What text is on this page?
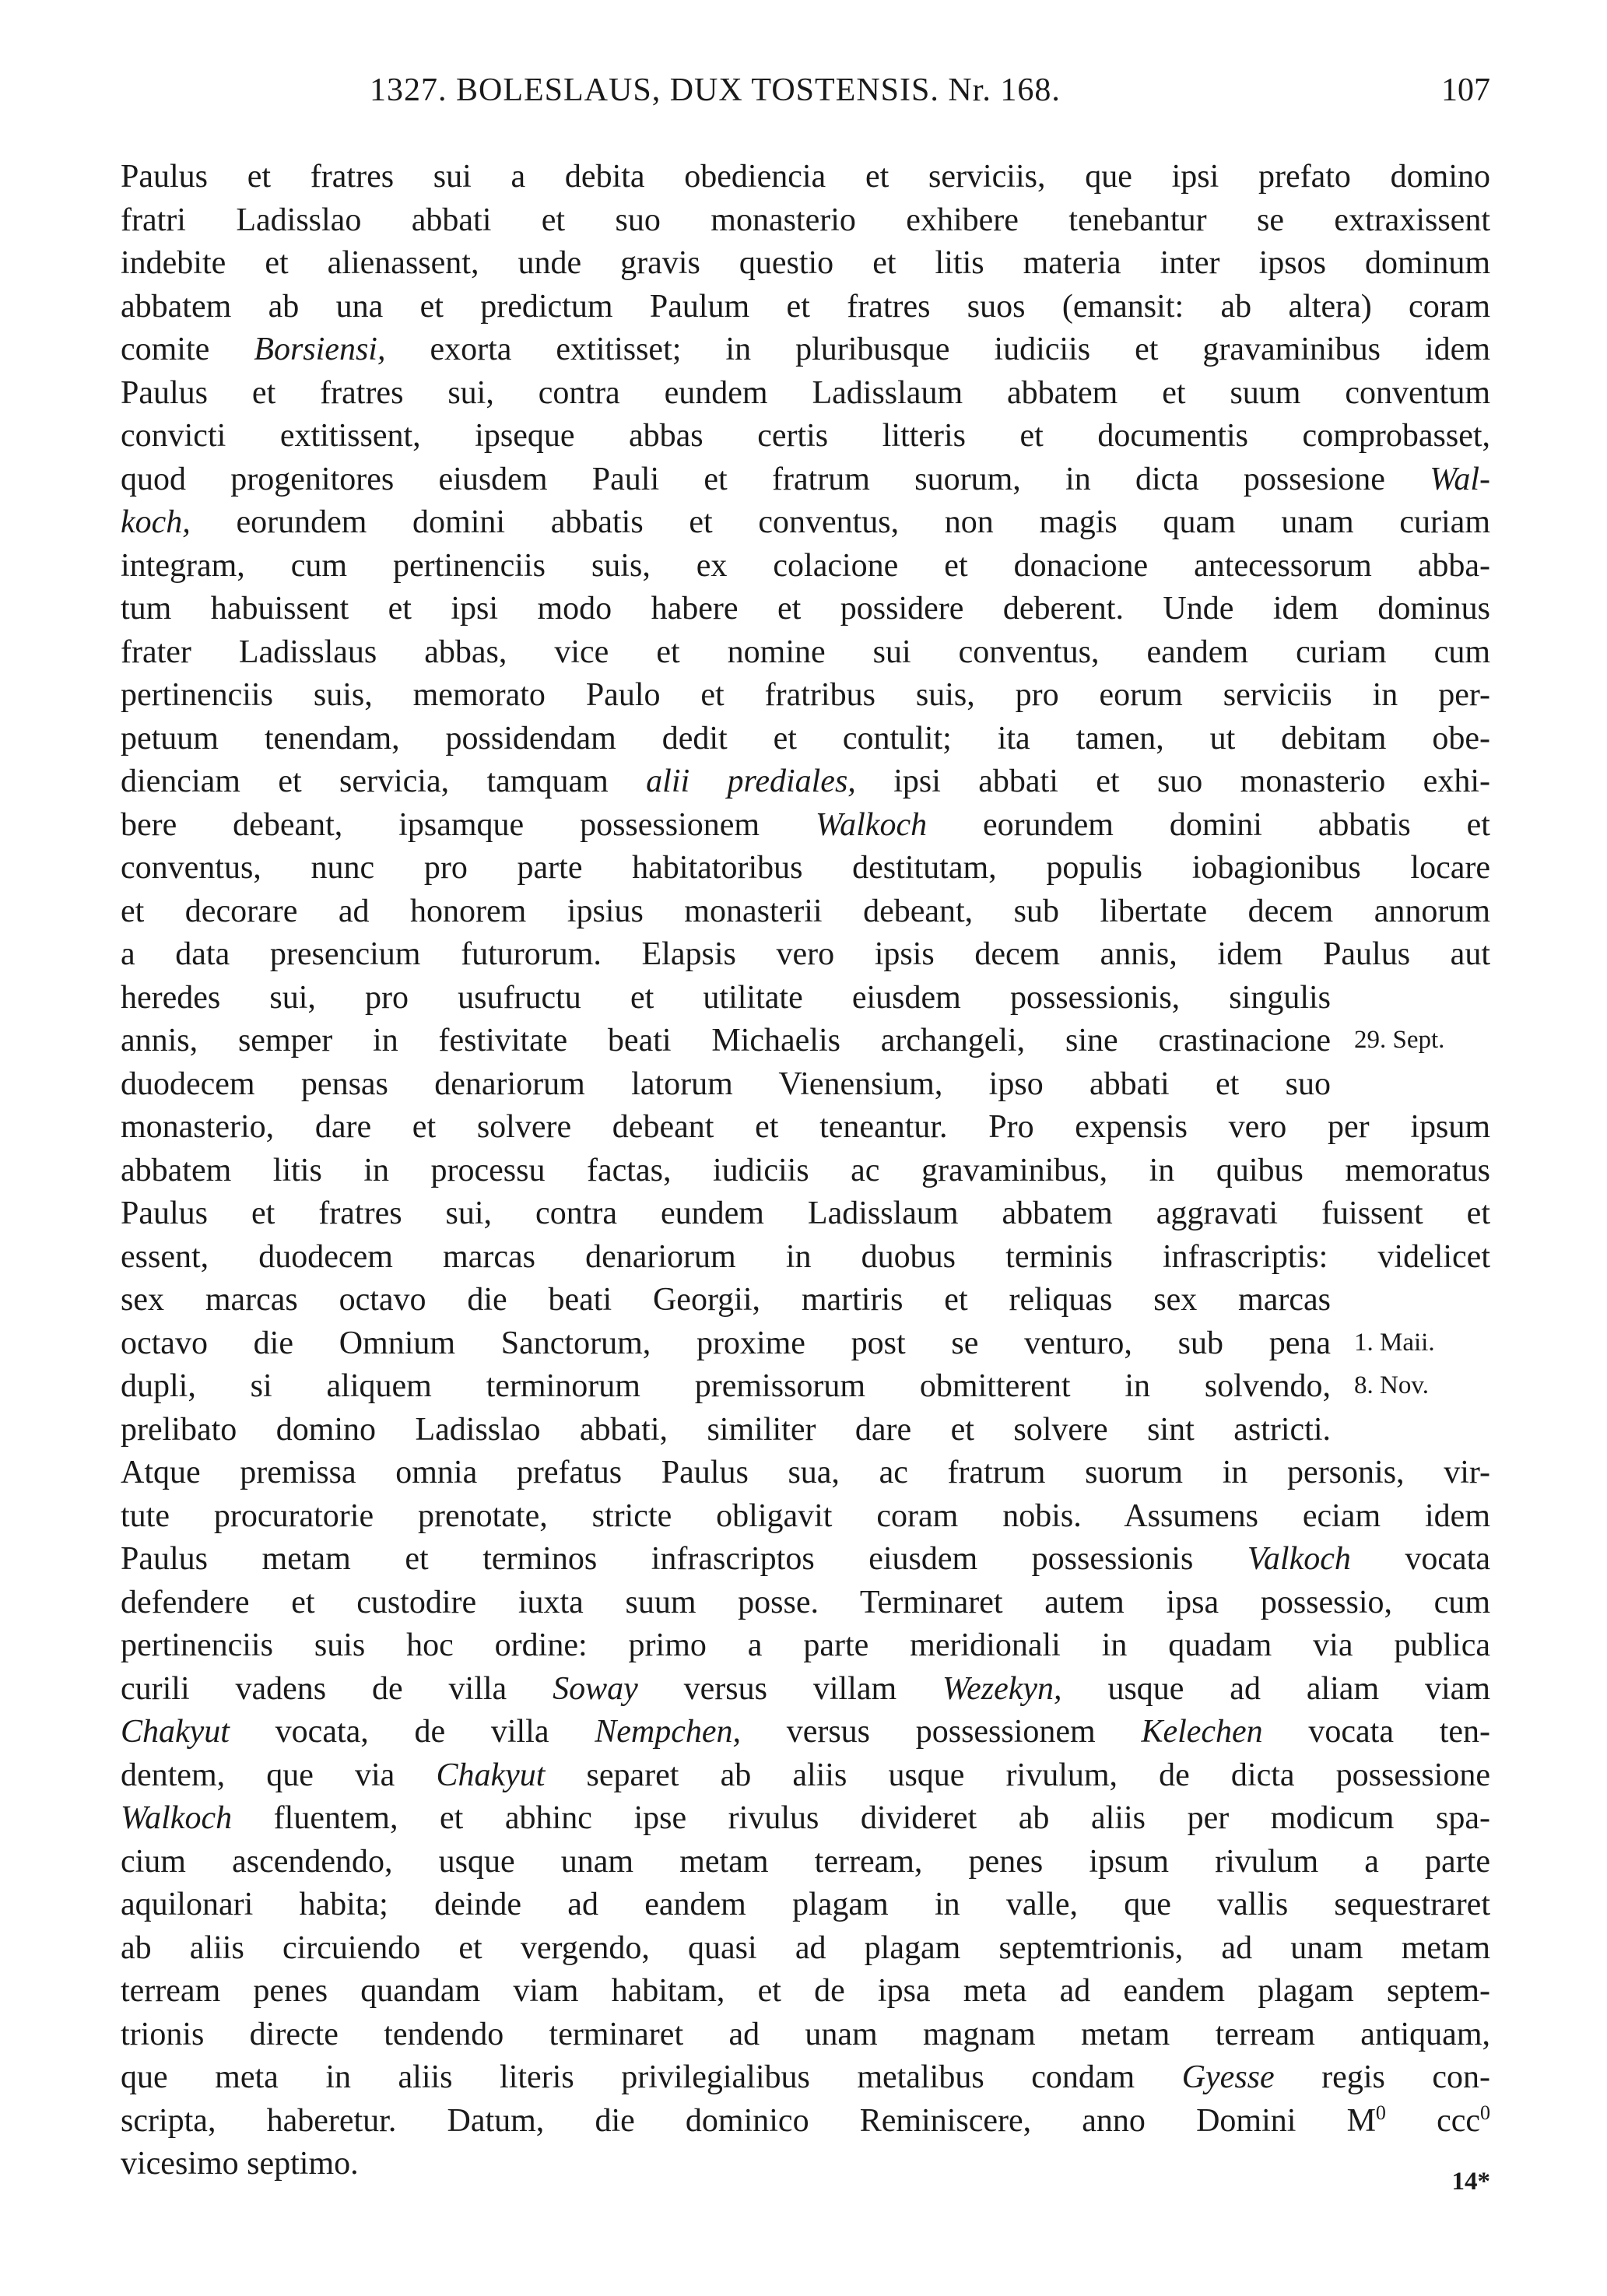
1327. BOLESLAUS, DUX TOSTENSIS. Nr. 168.	107
Paulus et fratres sui a debita obediencia et serviciis, que ipsi prefato domino
fratri Ladisslao abbati et suo monasterio exhibere tenebantur se extraxissent
indebite et alienassent, unde gravis questio et litis materia inter ipsos dominum
abbatem ab una et predictum Paulum et fratres suos (emansit: ab altera) coram
comite Borsiensi, exorta extitisset; in pluribusque iudiciis et gravaminibus idem
Paulus et fratres sui, contra eundem Ladisslaum abbatem et suum conventum
convicti extitissent, ipseque abbas certis litteris et documentis comprobasset,
quod progenitores eiusdem Pauli et fratrum suorum, in dicta possesione Wal-
koch, eorundem domini abbatis et conventus, non magis quam unam curiam
integram, cum pertinenciis suis, ex colacione et donacione antecessorum abba-
tum habuissent et ipsi modo habere et possidere deberent. Unde idem dominus
frater Ladisslaus abbas, vice et nomine sui conventus, eandem curiam cum
pertinenciis suis, memorato Paulo et fratribus suis, pro eorum serviciis in per-
petuum tenendam, possidendam dedit et contulit; ita tamen, ut debitam obe-
dienciam et servicia, tamquam alii prediales, ipsi abbati et suo monasterio exhi-
bere debeant, ipsamque possessionem Walkoch eorundem domini abbatis et
conventus, nunc pro parte habitatoribus destitutam, populis iobagionibus locare
et decorare ad honorem ipsius monasterii debeant, sub libertate decem annorum
a data presencium futurorum. Elapsis vero ipsis decem annis, idem Paulus aut
heredes sui, pro usufructu et utilitate eiusdem possessionis, singulis
annis, semper in festivitate beati Michaelis archangeli, sine crastinacione
duodecem pensas denariorum latorum Vienensium, ipso abbati et suo
monasterio, dare et solvere debeant et teneantur. Pro expensis vero per ipsum
abbatem litis in processu factas, iudiciis ac gravaminibus, in quibus memoratus
Paulus et fratres sui, contra eundem Ladisslaum abbatem aggravati fuissent et
essent, duodecem marcas denariorum in duobus terminis infrascriptis: videlicet
sex marcas octavo die beati Georgii, martiris et reliquas sex marcas
octavo die Omnium Sanctorum, proxime post se venturo, sub pena
dupli, si aliquem terminorum premissorum obmitterent in solvendo,
prelibato domino Ladisslao abbati, similiter dare et solvere sint astricti.
Atque premissa omnia prefatus Paulus sua, ac fratrum suorum in personis, vir-
tute procuratorie prenotate, stricte obligavit coram nobis. Assumens eciam idem
Paulus metam et terminos infrascriptos eiusdem possessionis Valkoch vocata
defendere et custodire iuxta suum posse. Terminaret autem ipsa possessio, cum
pertinenciis suis hoc ordine: primo a parte meridionali in quadam via publica
curili vadens de villa Soway versus villam Wezekyn, usque ad aliam viam
Chakyut vocata, de villa Nempchen, versus possessionem Kelechen vocata ten-
dentem, que via Chakyut separet ab aliis usque rivulum, de dicta possessione
Walkoch fluentem, et abhinc ipse rivulus divideret ab aliis per modicum spa-
cium ascendendo, usque unam metam terream, penes ipsum rivulum a parte
aquilonari habita; deinde ad eandem plagam in valle, que vallis sequestraret
ab aliis circuiendo et vergendo, quasi ad plagam septemtrionis, ad unam metam
terream penes quandam viam habitam, et de ipsa meta ad eandem plagam septem-
trionis directe tendendo terminaret ad unam magnam metam terream antiquam,
que meta in aliis literis privilegialibus metalibus condam Gyesse regis con-
scripta, haberetur. Datum, die dominico Reminiscere, anno Domini $M^0$ ccc$^0$
vicesimo septimo.
29. Sept.
1. Maii.
8. Nov.
14*
